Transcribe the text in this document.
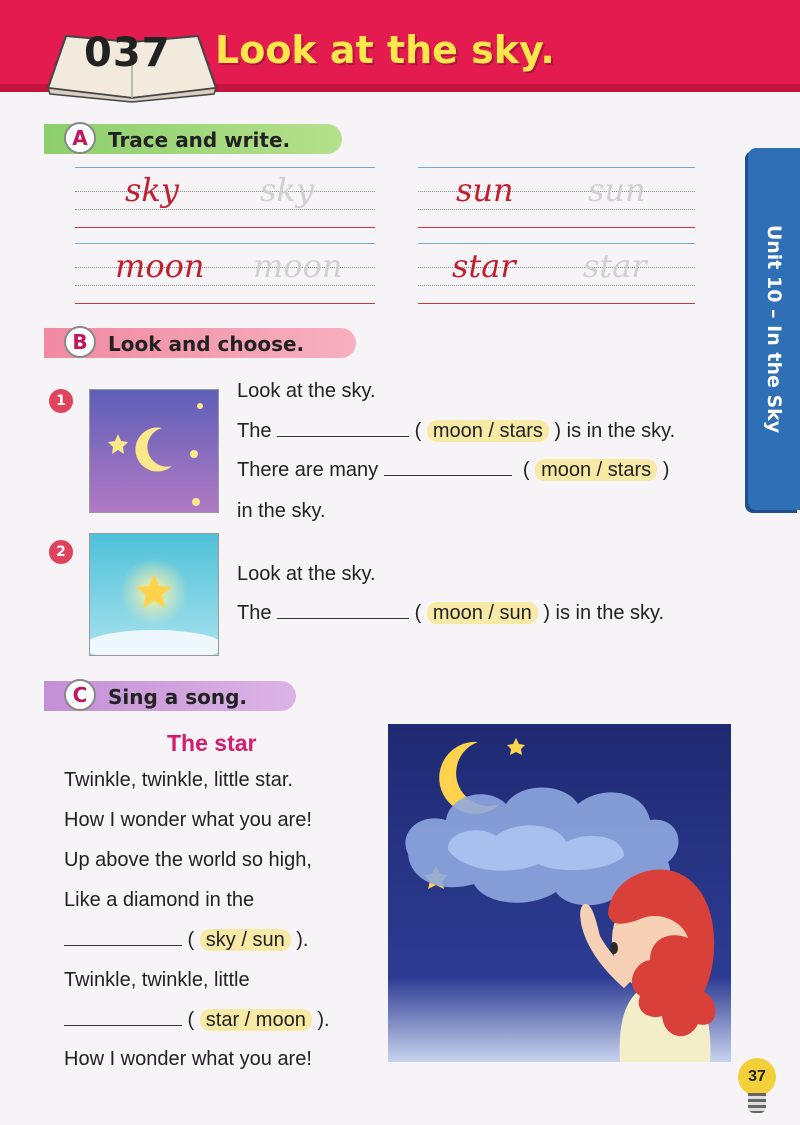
037 Look at the sky.
Unit 10 – In the Sky
A	Trace and write.
sky	sky	sun sun
moon moon	star star
B	Look and choose.
1	Look at the sky.
The	( moon / stars ) is in the sky.
There are many	( moon / stars )
in the sky.
2
Look at the sky.
The	( moon / sun ) is in the sky.
C	Sing a song.
The star
Twinkle, twinkle, little star.
How I wonder what you are!
Up above the world so high,
Like a diamond in the
( sky / sun ).
Twinkle, twinkle, little
( star / moon ).
How I wonder what you are!
37
